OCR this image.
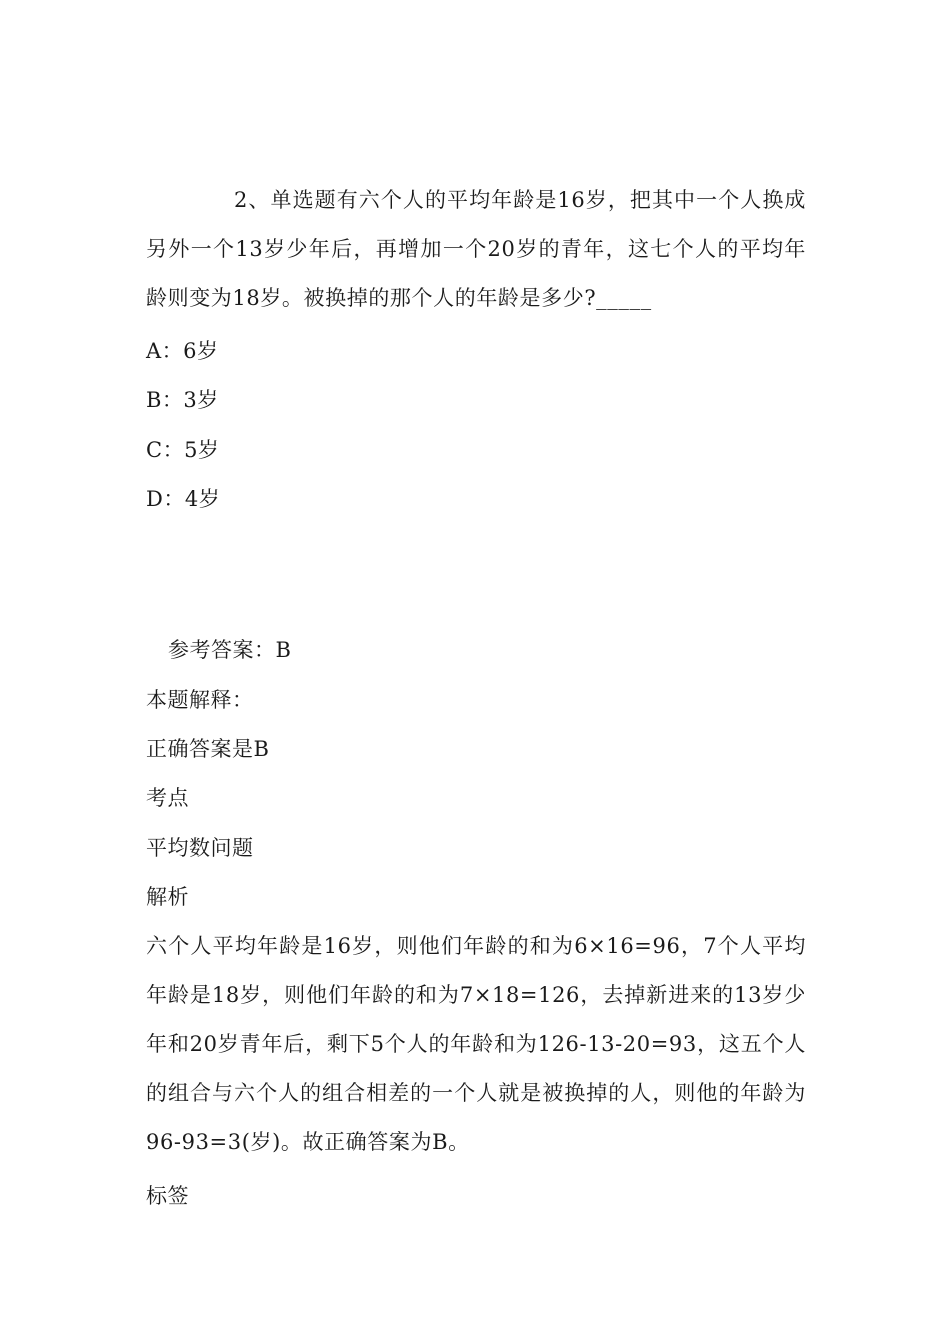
2、单选题有六个人的平均年龄是16岁，把其中一个人换成另外一个13岁少年后，再增加一个20岁的青年，这七个人的平均年龄则变为18岁。被换掉的那个人的年龄是多少?_____
A：6岁
B：3岁
C：5岁
D：4岁
参考答案：B
本题解释：
正确答案是B
考点
平均数问题
解析
六个人平均年龄是16岁，则他们年龄的和为6×16=96，7个人平均年龄是18岁，则他们年龄的和为7×18=126，去掉新进来的13岁少年和20岁青年后，剩下5个人的年龄和为126-13-20=93，这五个人的组合与六个人的组合相差的一个人就是被换掉的人，则他的年龄为96-93=3(岁)。故正确答案为B。
标签
